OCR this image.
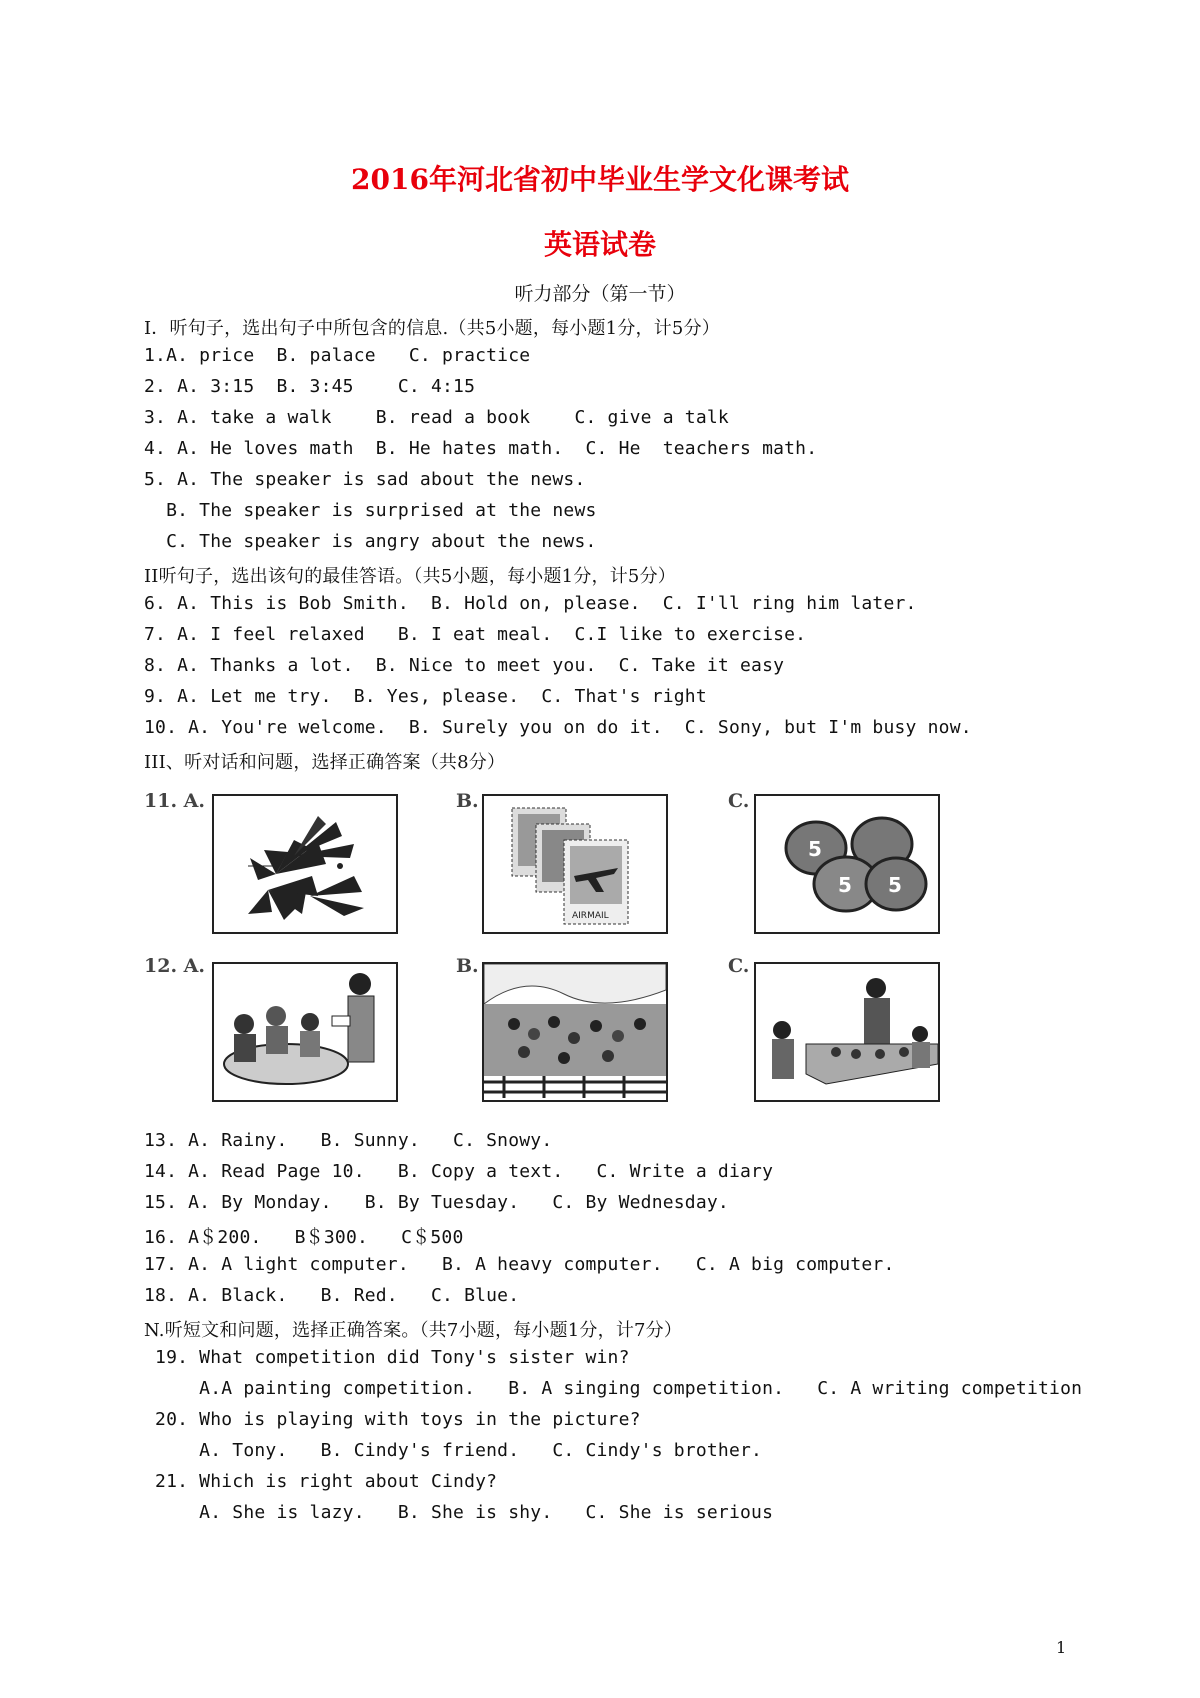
2016年河北省初中毕业生学文化课考试
英语试卷
听力部分（第一节）
I．听句子，选出句子中所包含的信息.（共5小题，每小题1分，计5分）
1.A. price  B. palace   C. practice
2. A. 3:15  B. 3:45    C. 4:15
3. A. take a walk    B. read a book    C. give a talk
4. A. He loves math  B. He hates math.  C. He  teachers math.
5. A. The speaker is sad about the news.
B. The speaker is surprised at the news
C. The speaker is angry about the news.
II听句子，选出该句的最佳答语。（共5小题，每小题1分，计5分）
6. A. This is Bob Smith.  B. Hold on, please.  C. I'll ring him later.
7. A. I feel relaxed   B. I eat meal.  C.I like to exercise.
8. A. Thanks a lot.  B. Nice to meet you.  C. Take it easy
9. A. Let me try.  B. Yes, please.  C. That's right
10. A. You're welcome.  B. Surely you on do it.  C. Sony, but I'm busy now.
III、听对话和问题，选择正确答案（共8分）
11. A.	B.	C.
12. A.	B.	C.
AIRMAIL
5
5 5
13. A. Rainy.   B. Sunny.   C. Snowy.
14. A. Read Page 10.   B. Copy a text.   C. Write a diary
15. A. By Monday.   B. By Tuesday.   C. By Wednesday.
16. A＄200.   B＄300.   C＄500
17. A. A light computer.   B. A heavy computer.   C. A big computer.
18. A. Black.   B. Red.   C. Blue.
N.听短文和问题，选择正确答案。（共7小题，每小题1分，计7分）
19. What competition did Tony's sister win?
A.A painting competition.   B. A singing competition.   C. A writing competition
20. Who is playing with toys in the picture?
A. Tony.   B. Cindy's friend.   C. Cindy's brother.
21. Which is right about Cindy?
A. She is lazy.   B. She is shy.   C. She is serious
1
